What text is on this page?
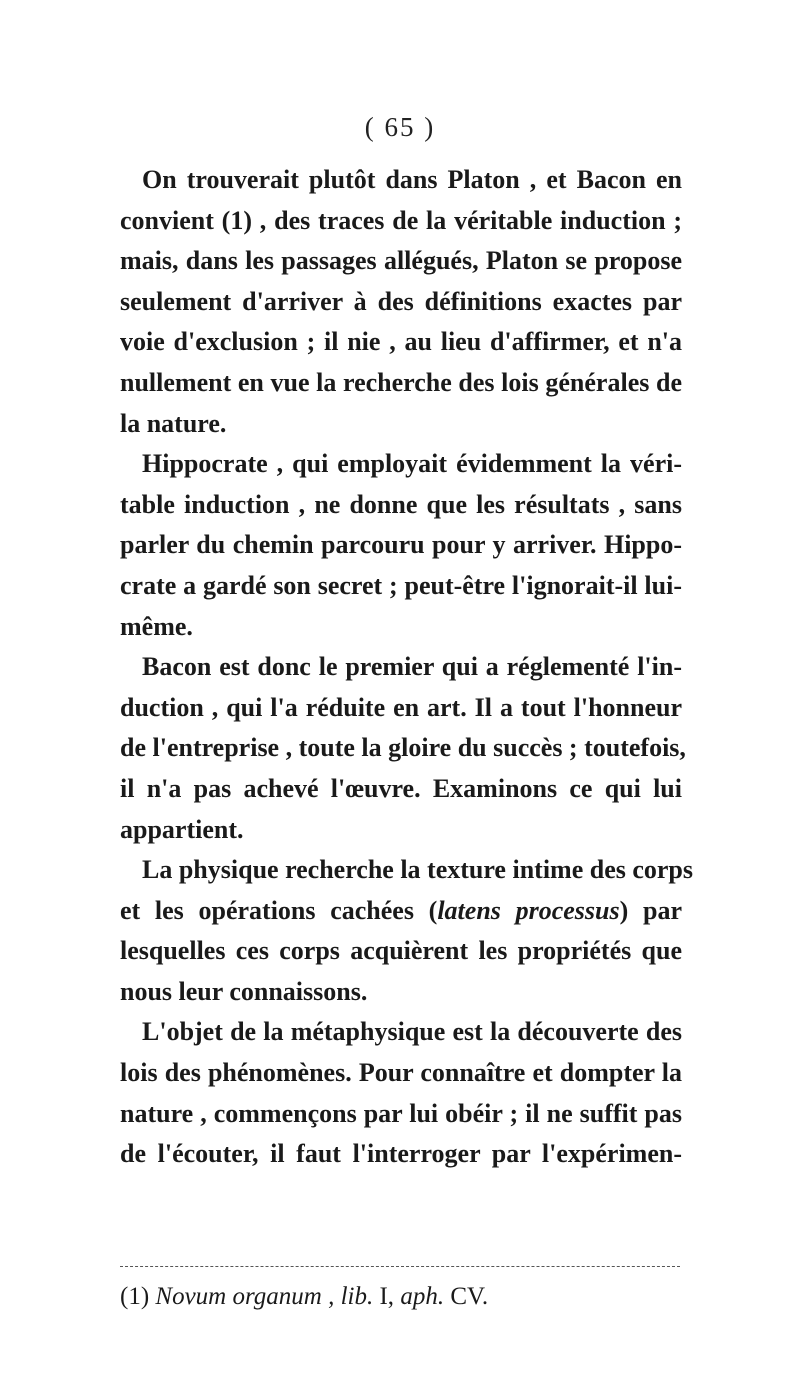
( 65 )
On trouverait plutôt dans Platon , et Bacon en
convient (1) , des traces de la véritable induction ;
mais, dans les passages allégués, Platon se propose
seulement d'arriver à des définitions exactes par
voie d'exclusion ; il nie , au lieu d'affirmer, et n'a
nullement en vue la recherche des lois générales de
la nature.
Hippocrate , qui employait évidemment la véri-
table induction , ne donne que les résultats , sans
parler du chemin parcouru pour y arriver. Hippo-
crate a gardé son secret ; peut-être l'ignorait-il lui-
même.
Bacon est donc le premier qui a réglementé l'in-
duction , qui l'a réduite en art. Il a tout l'honneur
de l'entreprise , toute la gloire du succès ; toutefois,
il n'a pas achevé l'œuvre. Examinons ce qui lui
appartient.
La physique recherche la texture intime des corps
et les opérations cachées (latens processus) par
lesquelles ces corps acquièrent les propriétés que
nous leur connaissons.
L'objet de la métaphysique est la découverte des
lois des phénomènes. Pour connaître et dompter la
nature , commençons par lui obéir ; il ne suffit pas
de l'écouter, il faut l'interroger par l'expérimen-
(1) Novum organum , lib. I, aph. CV.
